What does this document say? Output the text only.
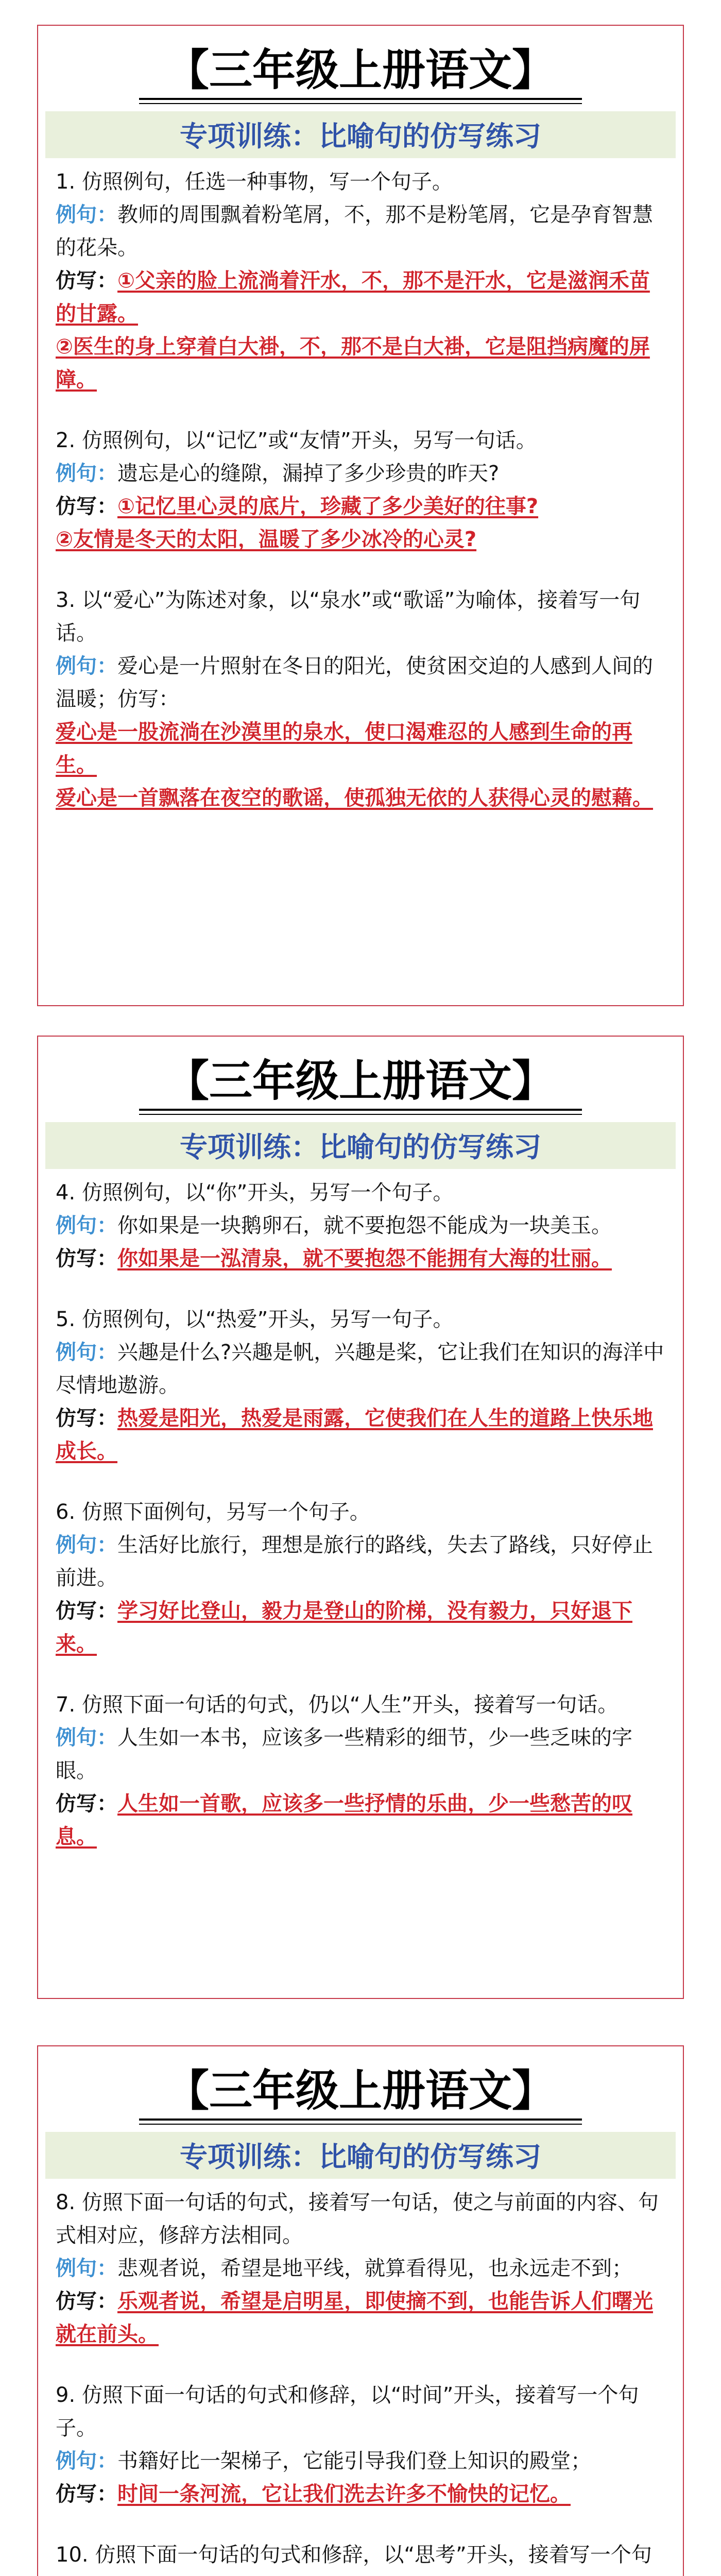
【三年级上册语文】
专项训练：比喻句的仿写练习
1. 仿照例句，任选一种事物，写一个句子。
例句：教师的周围飘着粉笔屑，不，那不是粉笔屑，它是孕育智慧的花朵。
仿写：①父亲的脸上流淌着汗水，不，那不是汗水，它是滋润禾苗的甘露。
②医生的身上穿着白大褂，不，那不是白大褂，它是阻挡病魔的屏障。
2. 仿照例句，以“记忆”或“友情”开头，另写一句话。
例句：遗忘是心的缝隙，漏掉了多少珍贵的昨天?
仿写：①记忆里心灵的底片，珍藏了多少美好的往事?
②友情是冬天的太阳，温暖了多少冰冷的心灵?
3. 以“爱心”为陈述对象，以“泉水”或“歌谣”为喻体，接着写一句话。
例句：爱心是一片照射在冬日的阳光，使贫困交迫的人感到人间的温暖；仿写：
爱心是一股流淌在沙漠里的泉水，使口渴难忍的人感到生命的再生。
爱心是一首飘落在夜空的歌谣，使孤独无依的人获得心灵的慰藉。
【三年级上册语文】
专项训练：比喻句的仿写练习
4. 仿照例句，以“你”开头，另写一个句子。
例句：你如果是一块鹅卵石，就不要抱怨不能成为一块美玉。
仿写：你如果是一泓清泉，就不要抱怨不能拥有大海的壮丽。
5. 仿照例句，以“热爱”开头，另写一句子。
例句：兴趣是什么?兴趣是帆，兴趣是桨，它让我们在知识的海洋中尽情地遨游。
仿写：热爱是阳光，热爱是雨露，它使我们在人生的道路上快乐地成长。
6. 仿照下面例句，另写一个句子。
例句：生活好比旅行，理想是旅行的路线，失去了路线，只好停止前进。
仿写：学习好比登山，毅力是登山的阶梯，没有毅力，只好退下来。
7. 仿照下面一句话的句式，仍以“人生”开头，接着写一句话。
例句：人生如一本书，应该多一些精彩的细节，少一些乏味的字眼。
仿写：人生如一首歌，应该多一些抒情的乐曲，少一些愁苦的叹息。
【三年级上册语文】
专项训练：比喻句的仿写练习
8. 仿照下面一句话的句式，接着写一句话，使之与前面的内容、句式相对应，修辞方法相同。
例句：悲观者说，希望是地平线，就算看得见，也永远走不到；
仿写：乐观者说，希望是启明星，即使摘不到，也能告诉人们曙光就在前头。
9. 仿照下面一句话的句式和修辞，以“时间”开头，接着写一个句子。
例句：书籍好比一架梯子，它能引导我们登上知识的殿堂；
仿写：时间一条河流，它让我们洗去许多不愉快的记忆。
10. 仿照下面一句话的句式和修辞，以“思考”开头，接着写一个句
